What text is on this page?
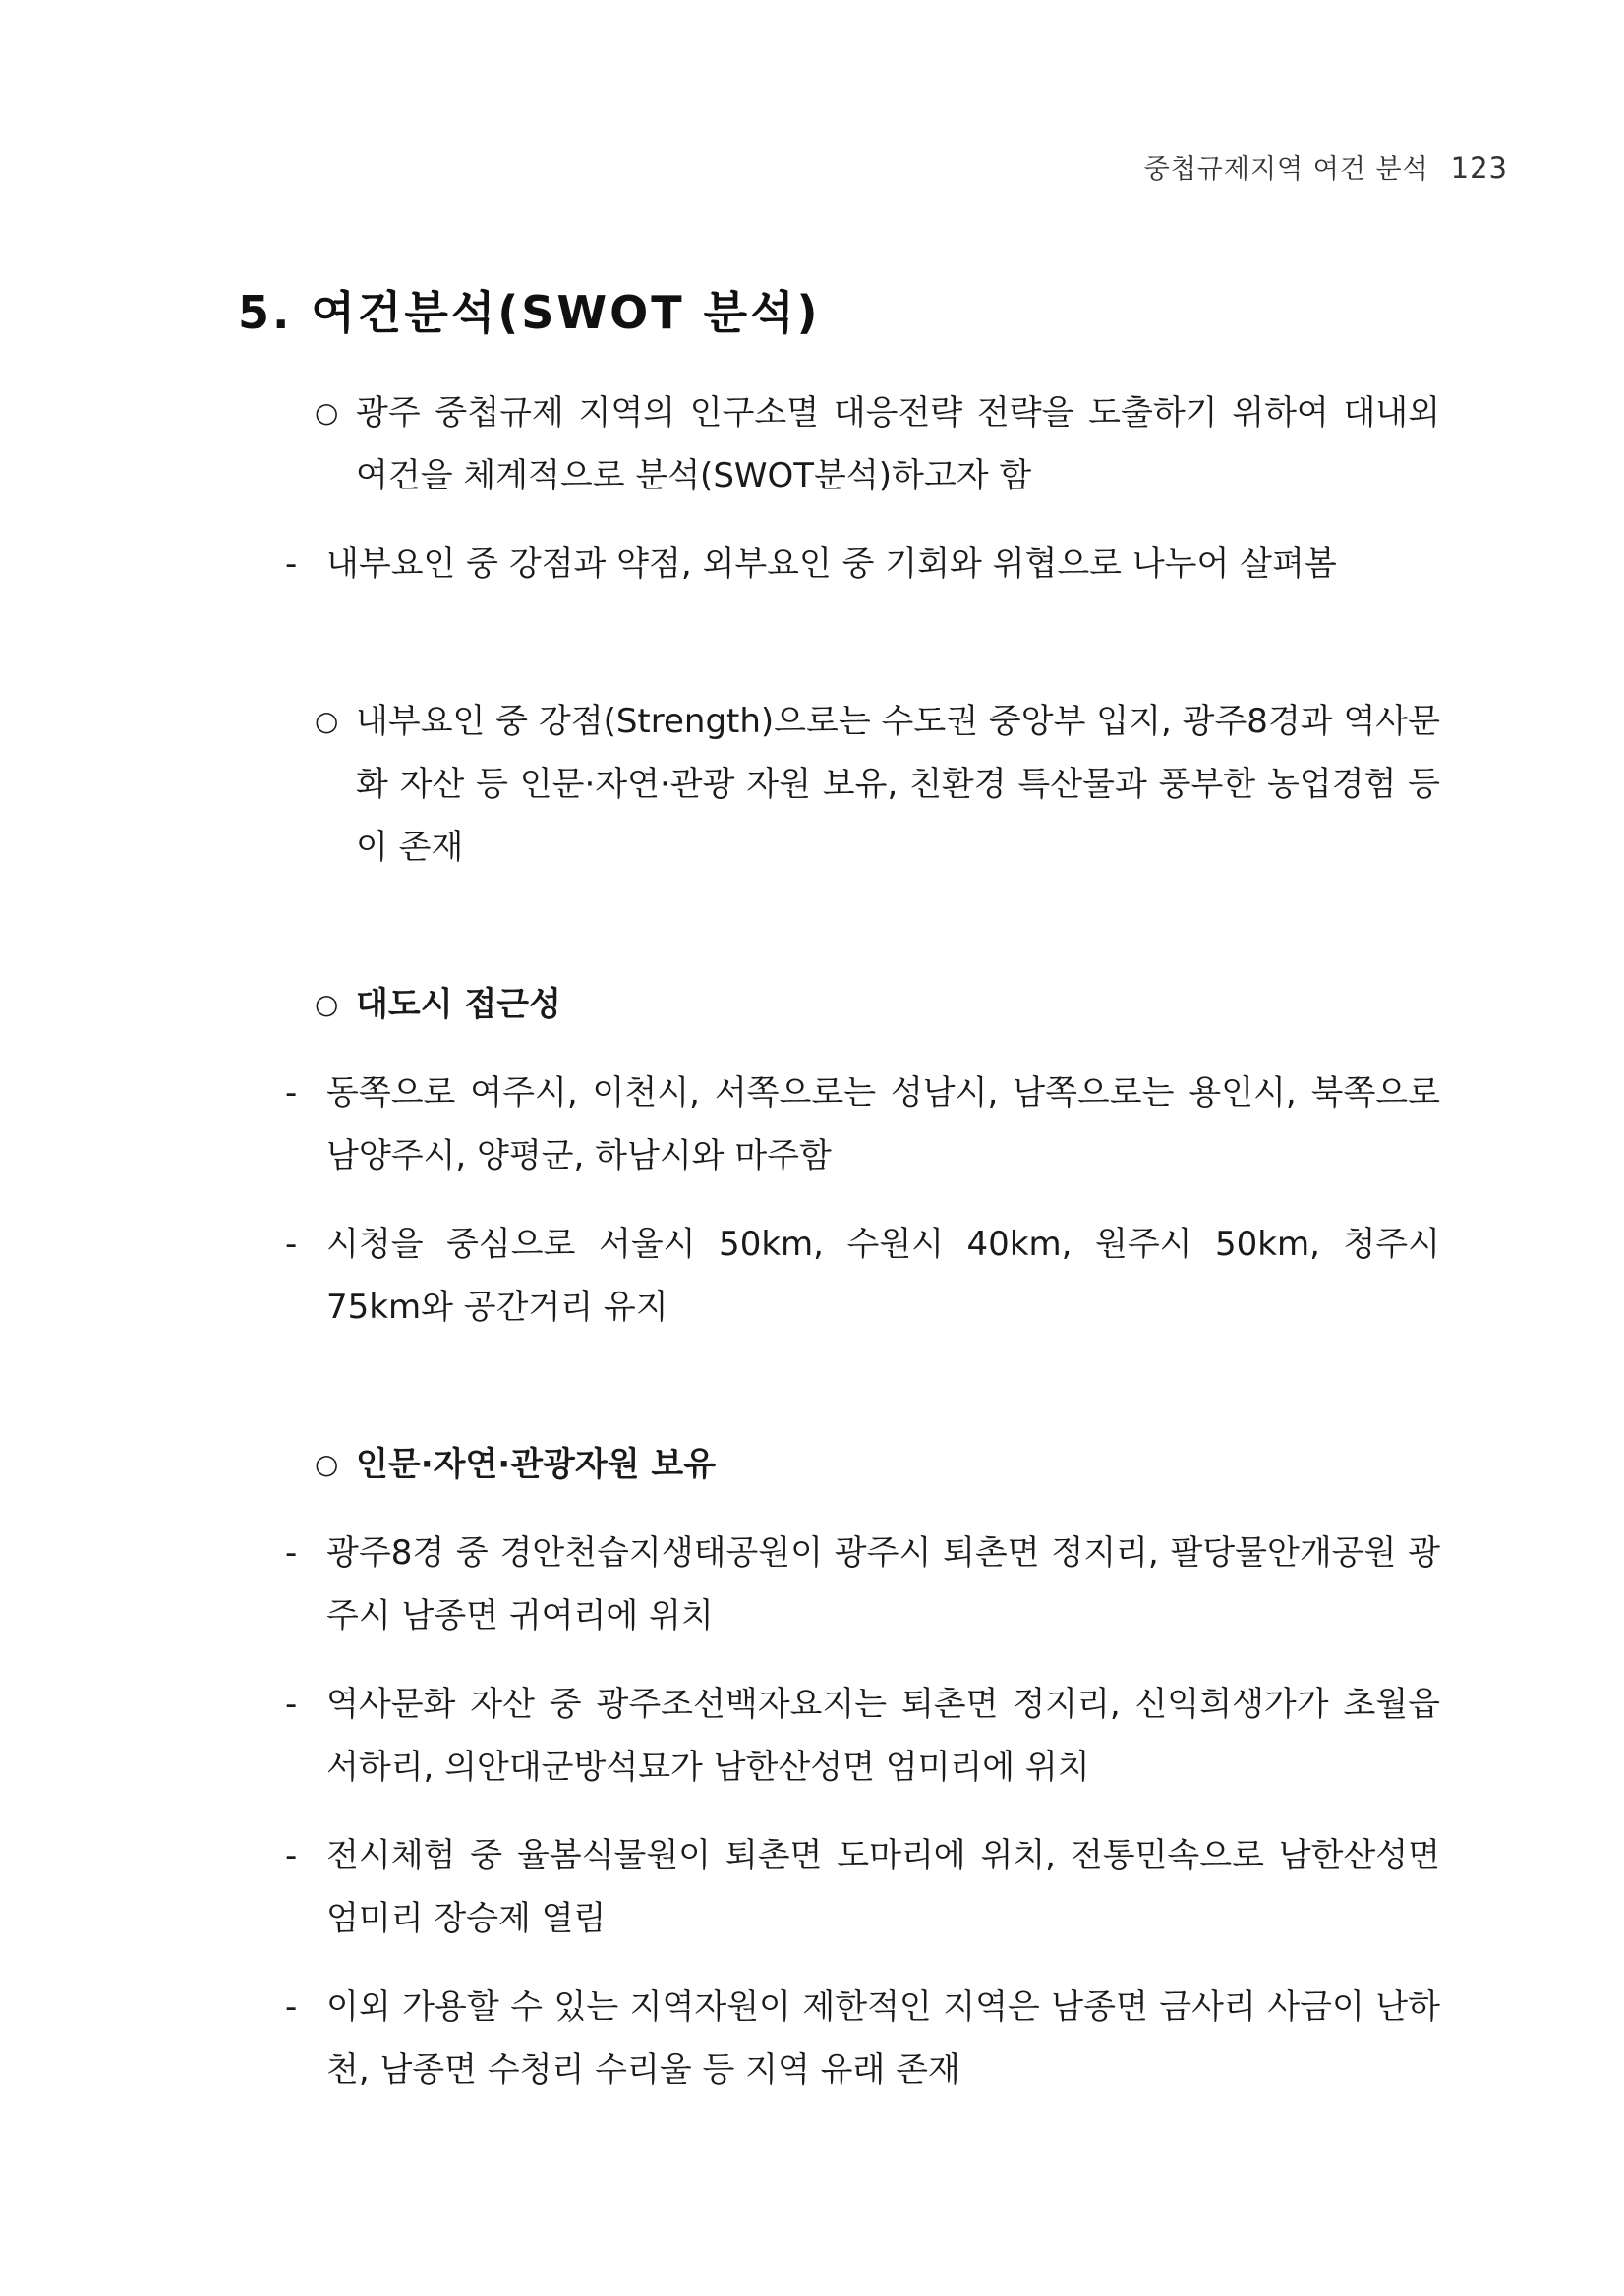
중첩규제지역 여건 분석 123
5. 여건분석(SWOT 분석)
○ 광주 중첩규제 지역의 인구소멸 대응전략 전략을 도출하기 위하여 대내외 여건을 체계적으로 분석(SWOT분석)하고자 함
- 내부요인 중 강점과 약점, 외부요인 중 기회와 위협으로 나누어 살펴봄
○ 내부요인 중 강점(Strength)으로는 수도권 중앙부 입지, 광주8경과 역사문화 자산 등 인문·자연·관광 자원 보유, 친환경 특산물과 풍부한 농업경험 등이 존재
○ 대도시 접근성
- 동쪽으로 여주시, 이천시, 서쪽으로는 성남시, 남쪽으로는 용인시, 북쪽으로 남양주시, 양평군, 하남시와 마주함
- 시청을 중심으로 서울시 50km, 수원시 40km, 원주시 50km, 청주시 75km와 공간거리 유지
○ 인문·자연·관광자원 보유
- 광주8경 중 경안천습지생태공원이 광주시 퇴촌면 정지리, 팔당물안개공원 광주시 남종면 귀여리에 위치
- 역사문화 자산 중 광주조선백자요지는 퇴촌면 정지리, 신익희생가가 초월읍 서하리, 의안대군방석묘가 남한산성면 엄미리에 위치
- 전시체험 중 율봄식물원이 퇴촌면 도마리에 위치, 전통민속으로 남한산성면 엄미리 장승제 열림
- 이외 가용할 수 있는 지역자원이 제한적인 지역은 남종면 금사리 사금이 난하천, 남종면 수청리 수리울 등 지역 유래 존재
